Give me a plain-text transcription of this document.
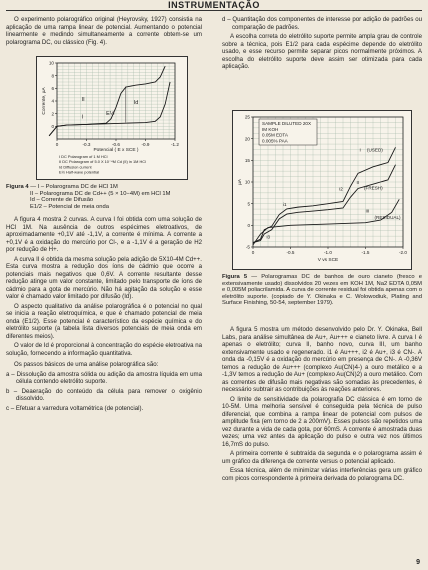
INSTRUMENTAÇÃO

O experimento polarográfico original (Heyrovsky, 1927) consistia na aplicação de uma rampa linear de potencial. Aumentando o potencial linearmente e medindo simultaneamente a corrente obtem-se um polarograma DC, ou clássico (Fig. 4).

0	-0.3	-0.6	-0.9	-1.2
0
2
4
6
8
10
Potencial ( E x SCE )
Corrente, µA	II
I
Id
E½
I DC Polarogram of 1 M HCl
II DC Polarogram of 5.0 X 10⁻⁴M Cd (II) in 1M HCl
Id Diffusion current
E½ Half-wave potential
Figura 4 — I – Polarograma DC de HCl 1M
II – Polarograma DC de Cd++ (5 × 10−4M) em HCl 1M
Id – Corrente de Difusão
E1/2 – Potencial de meia onda

A figura 4 mostra 2 curvas. A curva I foi obtida com uma solução de HCl 1M. Na ausência de outros espécimes eletroativos, de aproximadamente +0,1V até -1,1V, a corrente é mínima. A corrente a +0,1V é a oxidação do mercúrio por Cl-, e a -1,1V é a geração de H2 por redução de H+.

A curva II é obtida da mesma solução pela adição de 5X10-4M Cd++. Esta curva mostra a redução dos íons de cádmio que ocorre a potenciais mais negativos que 0,6V. A corrente resultante desse redução atinge um valor constante, limitado pelo transporte de íons de cádmio para a gota de mercúrio. Não há agitação da solução e esse valor é chamado valor limitado por difusão (Id).

O aspecto qualitativo da análise polarográfica é o potencial no qual se inicia a reação eletroquímica, e que é chamado potencial de meia onda (E1/2). Esse potencial é característico da espécie química e do eletrólito suporte (a tabela lista diversos potenciais de meia onda em diferentes meios).

O valor de Id é proporcional à concentração do espécie eletroativa na solução, fornecendo a informação quantitativa.

Os passos básicos de uma análise polarográfica são:

a – Dissolução da amostra sólida ou adição da amostra líquida em uma célula contendo eletrólito suporte.

b – Deaeração do conteúdo da célula para remover o oxigênio dissolvido.

c – Efetuar a varredura voltamétrica (de potencial).

d – Quantitação dos componentes de interesse por adição de padrões ou comparação de padrões.

A escolha correta do eletrólito suporte permite ampla grau de controle sobre a técnica, pois E1/2 para cada espécime depende do eletrólito usado, e esse recurso permite separar picos normalmente próximos. A escolha do eletrólito suporte deve assim ser otimizada para cada aplicação.

0	-0.5	-1.0	-1.5	-2.0
-5
0
5
10
15
20
25
V vs SCE
µA
SAMPLE DILUTED 20X
IM KOH
0.05M EDTA
0.005% PAA
I (USED)
II
(FRESH)
III
(RESIDUAL)
i1
i2
i3
Figura 5 — Polarogramas DC de banhos de ouro cianeto (fresco e extensivamente usado) dissolvidos 20 vezes em KOH 1M, Na2 EDTA 0,05M e 0,005M poliacrilamida. A curva de corrente residual foi obtida apenas com o eletrólito suporte. (copiado de Y. Okinaka e C. Wolowodiuk, Plating and Surface Finishing, 50-54, september 1979).

A figura 5 mostra um método desenvolvido pelo Dr. Y. Okinaka, Bell Labs, para análise simultânea de Au+, Au+++ e cianeto livre. A curva I é apenas o eletrólito; curva II, banho novo, curva III, um banho extensivamente usado e regenerado. i1 é Au+++, i2 é Au+, i3 é CN-. A onda da -0,15V é a oxidação do mercúrio em presença de CN-. A -0,36V temos a redução de Au+++ (complexo Au(CN)4-) a ouro metálico e a -1,3V temos a redução de Au+ (complexo Au(CN)2) a ouro metálico. Com as correntes de difusão mais negativas são somadas às precedentes, é necessário subtrair as contribuições às reações anteriores.

O limite de sensitividade da polarografia DC clássica é em torno de 10-5M. Uma melhoria sensível é conseguida pela técnica de pulso diferencial, que combina a rampa linear de potencial com pulsos de amplitude fixa (em torno de 2 a 200mV). Esses pulsos são repetidos uma vez durante a vida de cada gota, por 60mS. A corrente é amostrada duas vezes; uma vez antes da aplicação do pulso e outra vez nos últimos 16,7mS do pulso.

A primeira corrente é subtraída da segunda e o polarograma assim é um gráfico da diferença de corrente versus o potencial aplicado.

Essa técnica, além de minimizar várias interferências gera um gráfico com picos correspondente à primeira derivada do polarograma DC.

9
